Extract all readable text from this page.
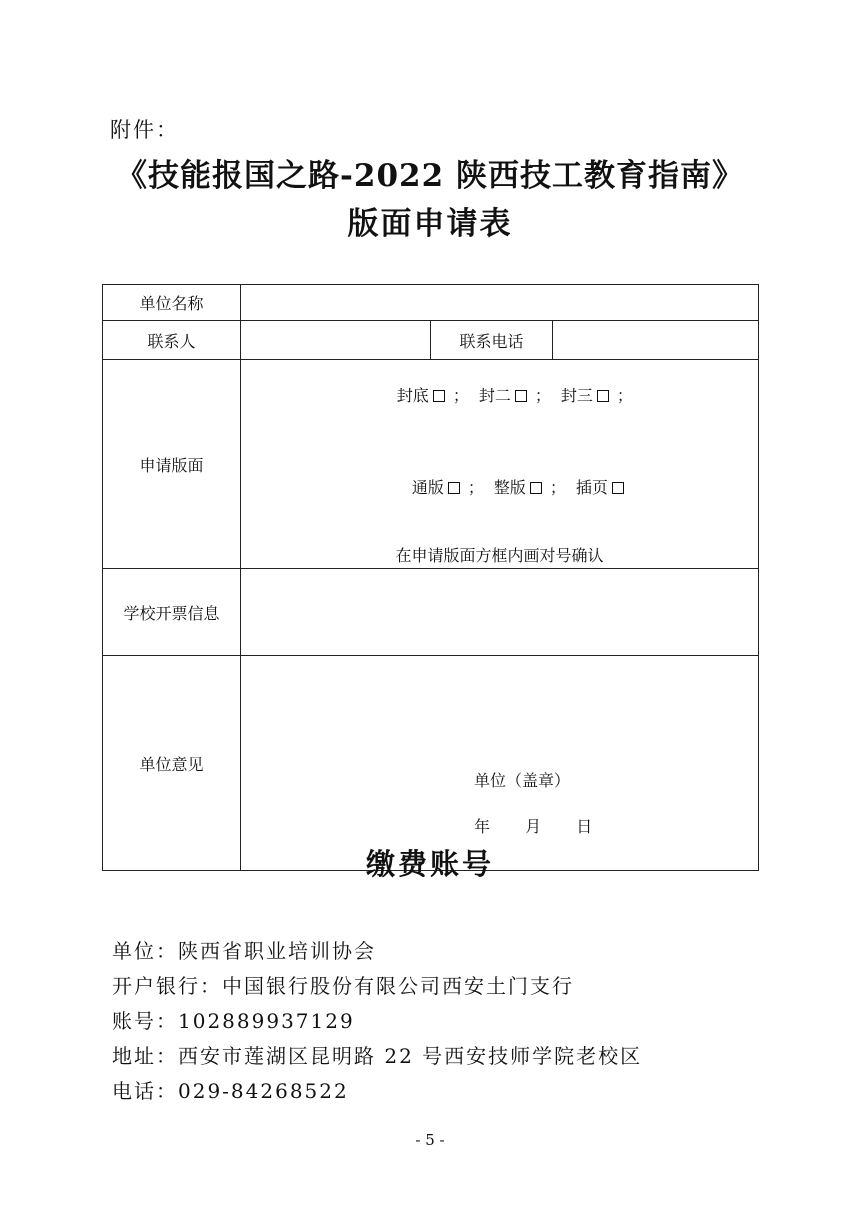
附件：
《技能报国之路-2022 陕西技工教育指南》
版面申请表
单位名称			
联系人		联系电话	
申请版面	封底 ； 封二 ； 封三 ；

通版 ； 整版 ； 插页

在申请版面方框内画对号确认		

学校开票信息			
单位意见	单位（盖章）
年 月 日		
缴费账号
单位：陕西省职业培训协会
开户银行：中国银行股份有限公司西安土门支行
账号：102889937129
地址：西安市莲湖区昆明路 22 号西安技师学院老校区
电话：029-84268522
- 5 -
